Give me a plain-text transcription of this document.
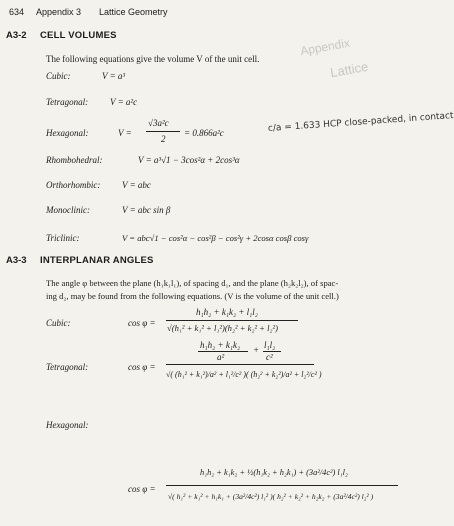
Appendix
Lattice
634 Appendix 3 Lattice Geometry
A3-2 CELL VOLUMES
The following equations give the volume V of the unit cell.
Cubic:	V = a³
Tetragonal: V = a²c
Hexagonal:	V =
√3a²c
2
= 0.866a²c	c/a = 1.633 HCP close-packed, in contact
Rhombohedral:	V = a³√1 − 3cos²α + 2cos³α
Orthorhombic: V = abc
Monoclinic:	V = abc sin β
Triclinic:	V = abc√1 − cos²α − cos²β − cos²γ + 2cosα cosβ cosγ
A3-3 INTERPLANAR ANGLES
The angle φ between the plane (h₁k₁l₁), of spacing d₁, and the plane (h₂k₂l₂), of spac-
ing d₂, may be found from the following equations. (V is the volume of the unit cell.)
Cubic:	cos φ =
h₁h₂ + k₁k₂ + l₁l₂
√(h₁² + k₁² + l₁²)(h₂² + k₂² + l₂²)
Tetragonal:	cos φ =
h₁h₂ + k₁k₂
a²
+ l₁l₂
c²
√( (h₁² + k₁²)/a² + l₁²/c² )( (h₂² + k₂²)/a² + l₂²/c² )
Hexagonal:
cos φ =
h₁h₂ + k₁k₂ + ½(h₁k₂ + h₂k₁) + (3a²/4c²) l₁l₂
√( h₁² + k₁² + h₁k₁ + (3a²/4c²) l₁² )( h₂² + k₂² + h₂k₂ + (3a²/4c²) l₂² )
